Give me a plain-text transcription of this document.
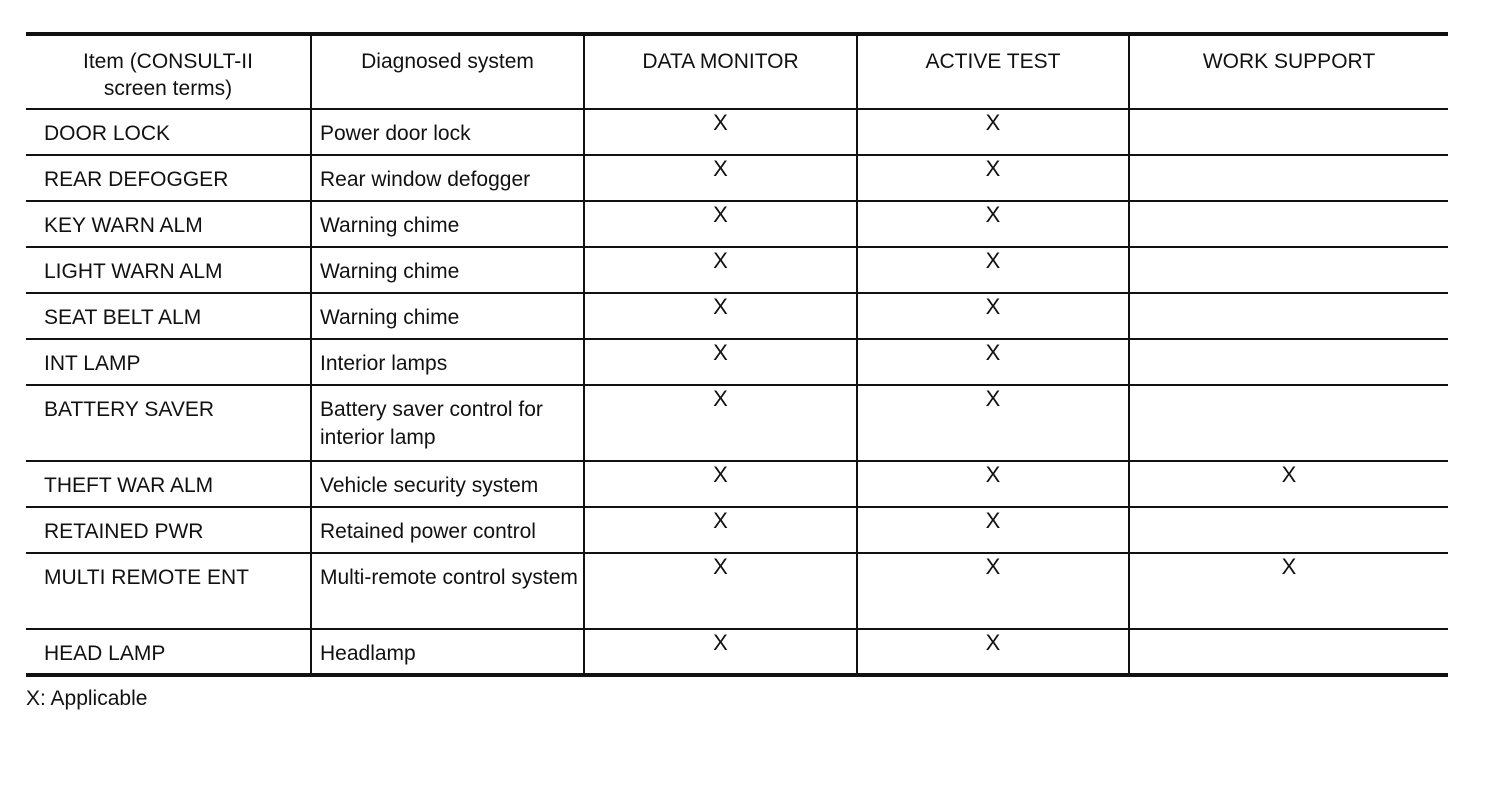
Item (CONSULT-II screen terms)	Diagnosed system	DATA MONITOR	ACTIVE TEST	WORK SUPPORT
DOOR LOCK	Power door lock	X	X	
REAR DEFOGGER	Rear window defogger	X	X	
KEY WARN ALM	Warning chime	X	X	
LIGHT WARN ALM	Warning chime	X	X	
SEAT BELT ALM	Warning chime	X	X	
INT LAMP	Interior lamps	X	X	
BATTERY SAVER	Battery saver control for interior lamp	X	X	
THEFT WAR ALM	Vehicle security system	X	X	X
RETAINED PWR	Retained power control	X	X	
MULTI REMOTE ENT	Multi-remote control system	X	X	X
HEAD LAMP	Headlamp	X	X	
X: Applicable
